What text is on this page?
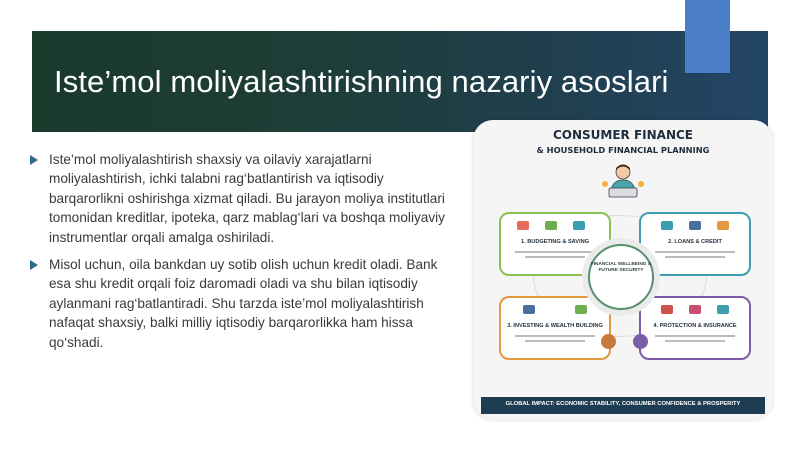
Iste’mol moliyalashtirishning nazariy asoslari
Iste’mol moliyalashtirish shaxsiy va oilaviy xarajatlarni moliyalashtirish, ichki talabni rag‘batlantirish va iqtisodiy barqarorlikni oshirishga xizmat qiladi. Bu jarayon moliya institutlari tomonidan kreditlar, ipoteka, qarz mablag‘lari va boshqa moliyaviy instrumentlar orqali amalga oshiriladi.
Misol uchun, oila bankdan uy sotib olish uchun kredit oladi. Bank esa shu kredit orqali foiz daromadi oladi va shu bilan iqtisodiy aylanmani rag‘batlantiradi. Shu tarzda iste’mol moliyalashtirish nafaqat shaxsiy, balki milliy iqtisodiy barqarorlikka ham hissa qo‘shadi.
CONSUMER FINANCE
& HOUSEHOLD FINANCIAL PLANNING
1. BUDGETING & SAVING	2. LOANS & CREDIT
3. INVESTING & WEALTH BUILDING	4. PROTECTION & INSURANCE
FINANCIAL WELLBEING & FUTURE SECURITY
GLOBAL IMPACT: ECONOMIC STABILITY, CONSUMER CONFIDENCE & PROSPERITY
